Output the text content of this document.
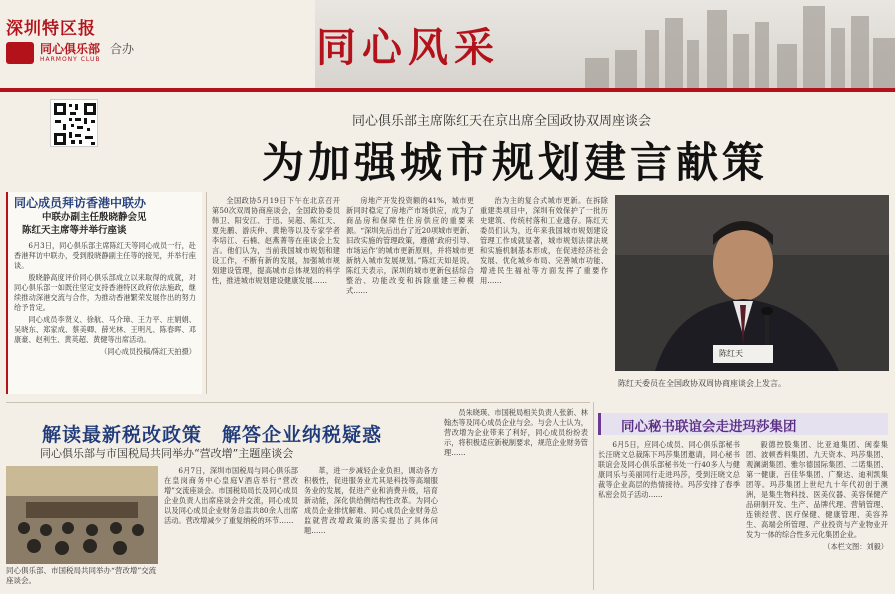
深圳特区报
同心俱乐部
HARMONY CLUB
合办	同心风采
同心俱乐部主席陈红天在京出席全国政协双周座谈会
为加强城市规划建言献策
同心成员拜访香港中联办
中联办副主任殷晓静会见
陈红天主席等并举行座谈

6月3日，同心俱乐部主席陈红天等同心成员一行，赴香港拜访中联办，受到殷晓静副主任等的接见，并举行座谈。

殷晓静高度评价同心俱乐部成立以来取得的成就，对同心俱乐部一如既往坚定支持香港特区政府依法施政，继续推动深港交流与合作，为推动香港繁荣发展作出的努力给予肯定。

同心成员李贤义、徐航、马介璋、王力平、庄娟娟、吴晓东、郑家成、蔡美卿、薛光林、王明凡、陈春晖、邓康豪、赵利生、黄英超、黄健等出席活动。

（同心成员投稿/陈红天拍摄）

全国政协5月19日下午在北京召开第50次双周协商座谈会，全国政协委员韩卫、阳安江、于迅、吴超、陈红天、夏先鹏、游庆仲、黄艳等以及专家学者李培江、石楠、赵燕菁等在座谈会上发言。他们认为，当前我国城市规划和建设工作，不断有新的发展，加强城市规划建设管理，提高城市总体规划的科学性，推进城市规划建设健康发展……

房地产开发投资额的41%，城市更新同时稳定了房地产市场供应，成为了商品房和保障性住房供应的重要来源。“深圳先后出台了近20项城市更新、旧改实施的管理政策，遵循‘政府引导、市场运作’的城市更新原则，并将城市更新纳入城市发展规划。”陈红天如是说。陈红天表示，深圳的城市更新包括综合整治、功能改变和拆除重建三种模式……

治为主的复合式城市更新。在拆除重建类项目中，深圳有效保护了一批历史建筑、传统村落和工业遗存。陈红天委员们认为，近年来我国城市规划建设管理工作成就显著，城市规划法律法规和实施机制基本形成，在促进经济社会发展、优化城乡布局、完善城市功能、增进民生福祉等方面发挥了重要作用……

陈红天
陈红天委员在全国政协双周协商座谈会上发言。
解读最新税改政策　解答企业纳税疑惑
同心俱乐部与市国税局共同举办“营改增”主题座谈会
同心俱乐部、市国税局共同举办“营改增”交流座谈会。

6月7日，深圳市国税局与同心俱乐部在皇岗商务中心皇庭V酒店举行“营改增”交流座谈会。市国税局局长及同心成员企业负责人出席座谈会并交流，同心成员以及同心成员企业财务总监共80余人出席活动。营改增减少了重复纳税的环节……

革，进一步减轻企业负担，调动各方积极性，促进服务业尤其是科技等高端服务业的发展，促进产业和消费升级，培育新动能，深化供给侧结构性改革。为同心成员企业排忧解难、同心成员企业财务总监就营改增政策的落实提出了具体问题……

员朱晓瑛、市国税局相关负责人张新、林翰杰等及同心成员企业与会。与会人士认为，营改增为企业带来了利好，同心成员纷纷表示，将积极适应新税制要求，规范企业财务管理……

同心秘书联谊会走进玛莎集团

6月5日，应同心成员、同心俱乐部秘书长汪晓文总裁陈下玛莎集团邀请，同心秘书联谊会及同心俱乐部秘书处一行40多人与健康同乐与美丽同行走进玛莎，受到汪晓文总裁等企业高层的热情接待。玛莎安排了春季私密会员子活动……

毅德控股集团、比亚迪集团、闽泰集团、波顿香料集团、九天资本、玛莎集团、观澜湖集团、雅尔德国际集团、二诺集团、第一健康、百佳华集团、广聚达、迪利凯集团等。玛莎集团上世纪九十年代初创于澳洲，是集生物科技、医美仪器、美容保健产品研制开发、生产、品牌代理、营销管理、连锁经营、医疗保健、健康管理、美容养生、高端会所管理、产业投资与产业物业开发为一体的综合性多元化集团企业。

（本栏文图：刘毅）
